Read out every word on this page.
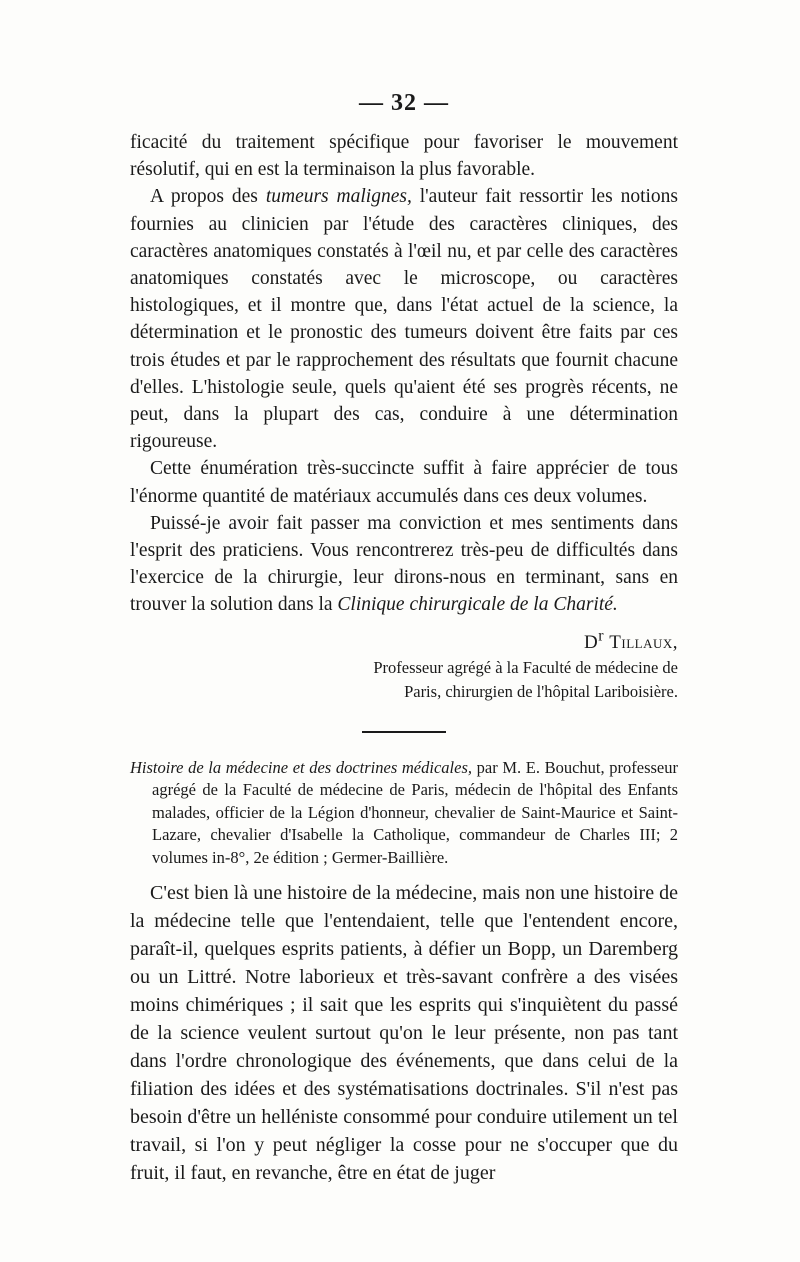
— 32 —

ficacité du traitement spécifique pour favoriser le mouvement résolutif, qui en est la terminaison la plus favorable.

A propos des tumeurs malignes, l'auteur fait ressortir les notions fournies au clinicien par l'étude des caractères cliniques, des caractères anatomiques constatés à l'œil nu, et par celle des caractères anatomiques constatés avec le microscope, ou caractères histologiques, et il montre que, dans l'état actuel de la science, la détermination et le pronostic des tumeurs doivent être faits par ces trois études et par le rapprochement des résultats que fournit chacune d'elles. L'histologie seule, quels qu'aient été ses progrès récents, ne peut, dans la plupart des cas, conduire à une détermination rigoureuse.

Cette énumération très-succincte suffit à faire apprécier de tous l'énorme quantité de matériaux accumulés dans ces deux volumes.

Puissé-je avoir fait passer ma conviction et mes sentiments dans l'esprit des praticiens. Vous rencontrerez très-peu de difficultés dans l'exercice de la chirurgie, leur dirons-nous en terminant, sans en trouver la solution dans la Clinique chirurgicale de la Charité.

$D^r$ Tillaux,
Professeur agrégé à la Faculté de médecine de
Paris, chirurgien de l'hôpital Lariboisière.

Histoire de la médecine et des doctrines médicales, par M. E. Bouchut, professeur agrégé de la Faculté de médecine de Paris, médecin de l'hôpital des Enfants malades, officier de la Légion d'honneur, chevalier de Saint-Maurice et Saint-Lazare, chevalier d'Isabelle la Catholique, commandeur de Charles III; 2 volumes in-8°, 2e édition ; Germer-Baillière.

C'est bien là une histoire de la médecine, mais non une histoire de la médecine telle que l'entendaient, telle que l'entendent encore, paraît-il, quelques esprits patients, à défier un Bopp, un Daremberg ou un Littré. Notre laborieux et très-savant confrère a des visées moins chimériques ; il sait que les esprits qui s'inquiètent du passé de la science veulent surtout qu'on le leur présente, non pas tant dans l'ordre chronologique des événements, que dans celui de la filiation des idées et des systématisations doctrinales. S'il n'est pas besoin d'être un helléniste consommé pour conduire utilement un tel travail, si l'on y peut négliger la cosse pour ne s'occuper que du fruit, il faut, en revanche, être en état de juger
